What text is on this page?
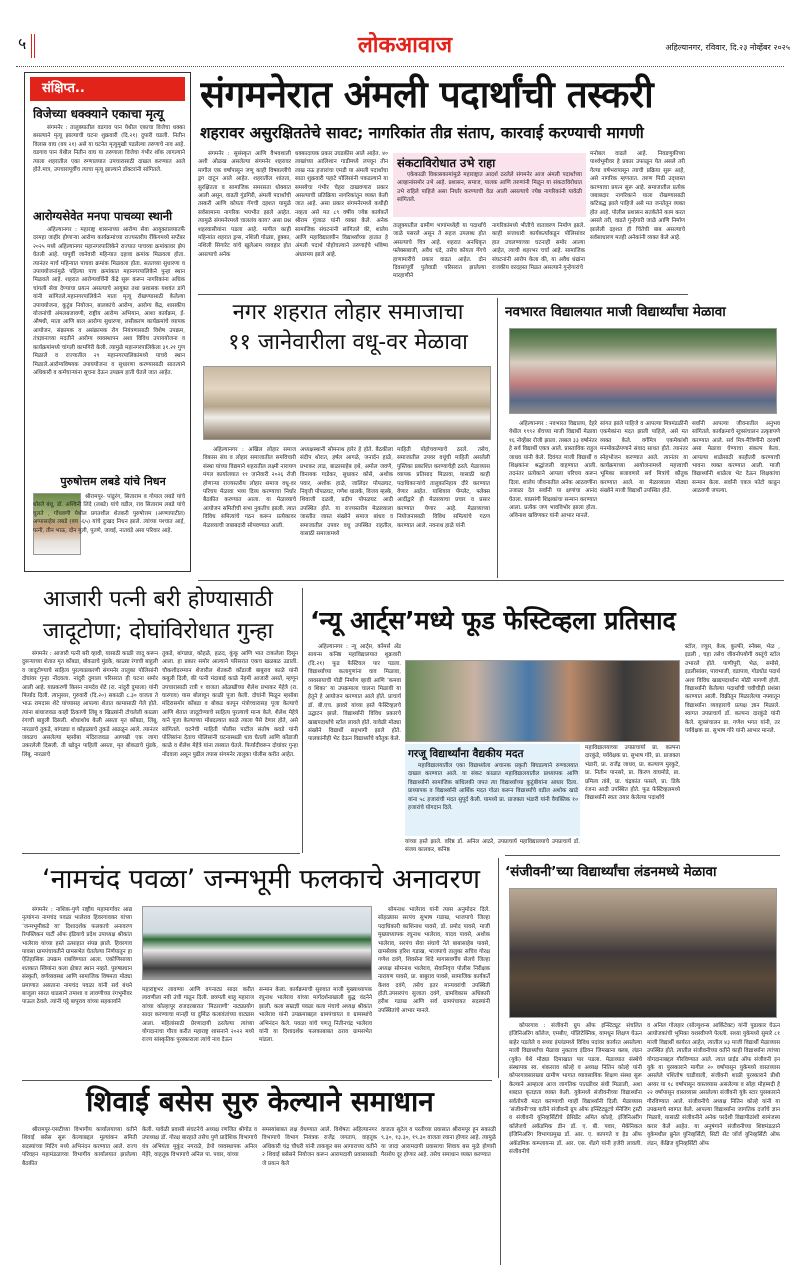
५	लोकआवाज	अहिल्यानगर, रविवार, दि.२३ नोव्हेंबर २०२५
संक्षिप्त..
विजेच्या धक्क्याने एकाचा मृत्यू
संगमनेर : तालुक्यातील वडगाव पान येथील एकाचा विजेचा धक्का बसल्याने मृत्यू झाल्याची घटना शुक्रवारी (दि.२१) दुपारी घडली. नितीन विलास वाघ (वय २१) असे या घटनेत मृत्युमुखी पडलेल्या तरुणाचे नाव आहे. वडगाव पान येथील नितीन वाघ या तरुणाला विजेचा गंभीर शॉक लागल्याने त्याला शहरातील एका रुग्णालयात उपचारासाठी दाखल करण्यात आले होते.मात्र, उपचारापूर्वीच त्याचा मृत्यू झाल्याने डॉक्टरांनी सांगितले.
आरोग्यसेवेत मनपा पाचव्या स्थानी
अहिल्यानगर : महाराष्ट्र शासनाच्या आरोग्य सेवा आयुक्तालयातर्फे दरमहा जाहीर होणाऱ्या आरोग्य कार्यक्रमांच्या राज्यस्तरीय रँकिंगमध्ये सप्टेंबर २०२५ मध्ये अहिल्यानगर महानगरपालिकेने राज्यात पाचव्या क्रमांकावर झेप घेतली आहे. यापूर्वी जानेवारी महिन्यात दहावा क्रमांक मिळवला होता. त्यानंतर मार्च महिन्यात पाचवा क्रमांक मिळवला होता. सततच्या सुधारणा व उपाययोजनांमुळे पहिल्या पाच क्रमांकात महानगरपालिकेने पुन्हा स्थान मिळवले आहे. शहरात आरोग्यवर्धिनी केंद्रे सुरू करून नागरिकांना अधिक चांगली सेवा देण्याचा प्रयत्न असल्याचे आयुक्त तथा प्रशासक यशवंत डांगे यांनी सांगितले.महानगरपालिकेने माता मृत्यू रोखण्यासाठी केलेल्या उपाययोजना, कुटुंब नियोजन, बालकांचे आरोग्य, आरोग्य केंद्र, शासकीय योजनांची अंमलबजावणी, राष्ट्रीय आरोग्य अभियान, आशा कार्यक्रम, ई-औषधी, माता आणि बाल आरोग्य सुधारणा, लसीकरण कार्यक्रमांचे व्यापक आयोजन, संक्रामक व असंक्रामक रोग नियंत्रणासाठी विशेष उपक्रम, तंत्रज्ञानाच्या मदतीने आरोग्य व्यवस्थापन अशा विविध उपाययोजना व कार्यक्रमांमध्ये चांगली कामगिरी केली. त्यामुळे महानगरपालिकेला ३१.२१ गुण मिळाले व राज्यातील २९ महानगरपालिकांमध्ये पाचवे स्थान मिळाले.आरोग्यविषयक उपाययोजना व सुधारणा करण्यासाठी सातत्याने अधिकारी व कर्मचाऱ्यांना सूचना देऊन उपक्रम हाती घेतले जात आहेत.
पुरुषोत्तम लबडे यांचे निधन
श्रीरामपूर- पांडुरंग, सिताराम व गोपाल लबडे यांचे थोरले बंधू, डॉ. अश्विनी लिंदे (लबडे) यांचे वडील, राव सिताराम लबडे यांचे चुलते , गोंधवणी येथील प्रगतशील शेतकरी पुरुषोत्तम (अण्णापाटील) अप्पासाहेब लबडे (वय -६५) यांचे दुःखद निधन झाले. त्यांच्या पश्चात आई, पत्नी, तीन भाऊ, दोन मुली, पुतणे, जावई, नातवंडे असा परिवार आहे.
संगमनेरात अंमली पदार्थांची तस्करी
शहरावर असुरक्षिततेचे सावट; नागरिकांत तीव्र संताप, कारवाई करण्याची मागणी
संगमनेर : सुसंस्कृत आणि वैभवशाली अशी ओळख असलेल्या संगमनेर शहरावर मागील एक वर्षांपासून जणू काही विषवल्लीचे ड्रग दाटून आले आहेत. शहरातील शांतता, सुरक्षितता व सामाजिक समरसता धोक्यात आली असून, वाढती गुंडगिरी, अंमली पदार्थांची तस्करी आणि कोयता गँगची दहशत यामुळे सर्वसामान्य नागरिक भयभीत झाले आहेत. त्यामुळे संगमनेरमध्ये चाललंय काय? असा प्रश्न शहरवासीयांना पडला आहे. मागील काही महिन्यांत शहरात ड्रग्स, नशिली गोळ्या, हुक्का, नशिली सिगारेट यांचे खुलेआम व्यवहार होत असल्याचे अनेक
धक्कादायक प्रकार उघडकीस आले आहेत. ४० लाखांच्या आलिशान गाडीमध्ये लपवून तीन लाख नऊ हजारांचा एमडी या अंमली पदार्थाचा साठा शुक्रवारी पहाटे पोलिसांनी पकडल्याने या समस्येचा गंभीर चेहरा दाखवणारा प्रकार असल्याची प्रतिक्रिया नागरिकांतून व्यक्त केली जात आहे. असा प्रकार संगमनेरमध्ये कधीही नव्हता असे मत ८९ वर्षीय ज्येष्ठ कार्यकर्ते श्रीराम गुंजाळ यांनी व्यक्त केले. अनेक सामाजिक संघटनांनी सांगितले की, शालेय आणि महाविद्यालयीन विद्यार्थ्यांच्या हातात हे अंमली पदार्थ पोहोचल्याने तरुणाईचे भविष्य अंधारमय झाले आहे.
संकटाविरोधात उभे राहा
एकेकाळी विकासकामांमुळे महाराष्ट्रात आदर्श ठरलेले संगमनेर आज अंमली पदार्थांच्या आव्हानांसमोर उभे आहे. प्रशासन, समाज, पालक आणि तरुणांनी मिळून या संकटाविरोधात उभे राहिले पाहिजे असा निर्धार करण्याची वेळ आली असल्याचे ज्येष्ठ नागरिकांनी यावेळी सांगितले.
तालुक्यातील ग्रामीण भागांमध्येही या पदार्थांचे जाळे पसरले असून ते सहज उपलब्ध होत असल्याचे चित्र आहे. शहरात अनधिकृत फ्लेक्सबाजी, अवैध धंदे, तसेच कोयता गँगचे हाणामारीचे प्रकार वाढत आहेत. दोन दिवसांपूर्वी पुलेवाडी परिसरात झालेल्या मारहाणीने
नागरिकांमध्ये भीतीचे वातावरण निर्माण झाले. काही सत्ताधारी कार्यकर्त्यांकडून पोलिसांवर हात उचलण्याच्या घटनाही समोर आल्या आहेत, त्याची शहरभर चर्चा आहे. सामाजिक संघटनांनी आरोप केला की, या अवैध धंद्यांना राजकीय वरदहस्त मिळत असल्याने गुन्हेगारांचे
मनोबल वाढले आहे. निवडणुकीच्या पार्श्वभूमीवर हे प्रकार उफाळून येत असले तरी गेल्या वर्षभरापासून त्याची प्रक्रिया सुरू आहे, असे नागरिक म्हणतात. तरुण पिढी उद्ध्वस्त करण्याचा प्रयत्न सुरू आहे. समाजातील प्रत्येक जबाबदार नागरिकाने याला रोखण्यासाठी कटिबद्ध झाले पाहिजे असे मत जनतेतून व्यक्त होत आहे. पोलीस प्रशासन सतर्कतेने काम करत असले तरी, वाढते गुन्हेगारी जाळे आणि निर्माण झालेली दहशत ही चिंतेची बाब असल्याचे सर्वसाधारण मतही अनेकांनी व्यक्त केले आहे.
नगर शहरात लोहार समाजाचा
११ जानेवारीला वधू-वर मेळावा
अहिल्यानगर : अखिल लोहार समाज विकास संघ व लोहार समाजातील समविचारी संस्था यांच्या विद्यमाने शहरातील लक्ष्मी नारायण मंगल कार्यालयात ११ जानेवारी २०२६ रोजी होणाऱ्या राज्यस्तरीय लोहार समाज वधू-वर परिचय मेळावा भव्य दिव्य करण्याचा निर्धार बैठकीत करण्यात आला. या मेळाव्याचे आयोजन समितीची सभा नुकतीच झाली. त्यात विविध समित्यांचे गठन करून प्रत्येकावर मेळाव्याची जबाबदारी सोपवण्यात आली.
अध्यक्षस्थानी सोमनाथ हारेर हे होते. बैठकीला संदीप थोरात, हर्षल आगळे, जनार्दन हाळे, प्रभाकर लाड, बाळासाहेब इथे, अमोल जवणे, विनायक गाडेकर, सुधाकर कोसे, अशोक पवार, अशोक हाळे, जालिंदर पोपळघट, निवृत्ती पोपळघट, गणेश धालके, विजय म्हस्के, शिवाजी दळवी, प्रदीप पोपळघट आदी उपस्थित होते. या राज्यस्तरीय मेळाव्याला जास्तीत जास्त संख्येने समाज बांधव व समाजातील उपवर वधू उपस्थित राहतील, यासाठी समाजामध्ये
माहिती पोहोचवण्याचे ठरले. तसेच, समाजातील उपवर वधूंची माहिती असलेली पुस्तिका प्रकाशित करण्याचेही ठरले. मेळाव्यास व्यापक प्रतिसाद मिळावा, यासाठी काही पदाधिकाऱ्यांचे तालुकानिहाय दौरे करण्यात येणार आहेत. याशिवाय पॅम्प्लेट, फ्लेक्स आदींद्वारे ही मेळाव्याचा प्रचार व प्रसार करण्यात येणार आहे. मेळाव्याच्या नियोजनासाठी विविध समित्यांचे गठण करण्यात आले. नवनाथ हाळे यांनी
नवभारत विद्यालयात माजी विद्यार्थ्यांचा मेळावा
अहिल्यानगर : नवभारत विद्यालय, देहरे येथील १९९२ बॅचच्या माजी विद्यार्थी मेळावा १६ नोव्हेंबर रोजी झाला. तब्बल ३३ वर्षानंतर हे सर्व विद्यार्थी एकत्र आले. प्रास्ताविक राहुल जाधव यांनी केले. दिवंगत माजी विद्यार्थी व शिक्षकांना श्रद्धांजली वाहण्यात आली. तदनंतर प्रत्येकाने आपला परिचय करून दिला. शालेय जीवनातील अनेक आठवणींना उजाळा देत सर्वांनी या क्षणांचा आनंद घेतला. याप्रसंगी शिक्षकांचा सन्मान करण्यात आला. प्रत्येक जण भावविभोर झाला होता. अविनाश खविणकर यांनी आभार मानले.
सांगत झाले पाहिजे व आपल्या मित्रमंडळींनी एकमेकांना मदत झाली पाहिजे, असे मत व्यक्त केले. वर्गमित्र एकमेकांशी मनमोकळेपणाने संवाद साधत होते. त्यानंतर स्नेहभोजन करण्यात आले. त्यानंतर या कार्यक्रमाच्या आयोजनामध्ये महत्त्वाची भूमिका बजावणारे सर्व मित्रांचे कौतुक करण्यात आले. या मेळाव्याला मोठ्या संख्येने माजी विद्यार्थी उपस्थित होते.
सर्वांनी आपल्या जीवनातील अनुभव सांगितले. कार्यक्रमाचे सूत्रसंचालन उत्कृष्टपणे करण्यात आले. सर्व मित्र-मैत्रिणींनी दरवर्षी असा मेळावा घेण्याचा संकल्प केला. आपल्या शाळेसाठी काहीतरी करण्याची भावना व्यक्त करण्यात आली. माजी विद्यार्थ्यांनी शाळेला भेट देऊन शिक्षकांचा सन्मान केला. सर्वांनी एकत्र फोटो काढून आठवणी जपल्या.
आजारी पत्नी बरी होण्यासाठी
जादूटोणा; दोघांविरोधात गुन्हा
संगमनेर : आजारी पत्नी बरी व्हावी, यासाठी काळी जादू करून दुसऱ्याच्या शेतात मृत कोंबडा, बोकडाचे मुंडके, काळ्या रंगाची बाहुली व जादूटोण्याचे साहित्य पुरल्याप्रकरणी संगमनेर तालुका पोलिसांनी दोघांवर गुन्हा नोंदवला. नांदुरी दुमाला परिसरात ही घटना समोर आली आहे. याप्रकरणी किसन नामदेव शेटे (रा. नांदुरी दुमाला) यांनी फिर्याद दिली. त्यानुसार, गुरुवारी (दि.२०) सकाळी ८.३० वाजता ते भाऊ रामदास शेटे यांच्यासह आपल्या शेतात कामासाठी गेले होते. त्यांना बांधाजवळ काही ठिकाणी लिंबू व खिळ्यांनी टोचलेली काळ्या रंगाची बाहुली दिसली. शोधाशोध केली असता मृत कोंबडा, लिंबू, नारळाचे तुकडे, बांगड्या व कोहळ्याचे तुकडे आढळून आले. त्यानंतर जवळच असलेल्या म्हसोबा मंदिराजवळ आणखी एक जागा उकरलेली दिसली. ती खोदून पाहिली असता, मृत बोकडाचे मुंडके, लिंबू, नारळाचे
तुकडे, बांगड्या, कोहळे, हळद, कुंकू आणि भात टाकलेला दिसून आला. हा प्रकार समोर आल्याने परिसरात एकच खळबळ उडाली. चौकशीदरम्यान शेजारील शेतकरी कोंडाजी बाबुराव काळे यांनी कबुली दिली, की पत्नी मंदाबाई काळे नेहमी आजारी असते, म्हणून उपचारासाठी रात्री १ वाजता ओळखीच्या शैलेश प्रभाकर मेहेत्रे (रा. घारगाव) यास बोलावून काळी पूजा केली. दोघांनी मिळून म्हसोबा मंदिरासमोर कोंबडा व बोकड कापून मंत्रोच्चारासह पूजा केल्याचे आणि शेतात जादूटोण्याचे साहित्य पुरल्याचे मान्य केले. शैलेश मेहेत्रे याने पूजा केल्याच्या मोबदल्यात काळे त्याला पैसे देणार होते, असे सांगितले. घटनेची माहिती पोलीस पाटील संतोष कवडे यांनी पोलिसांना देताच पोलिसांनी घटनास्थळी धाव घेतली आणि कोंडाजी काळे व शैलेश मेहेत्रे यांना ताब्यात घेतले. फिर्यादीवरून दोघांवर गुन्हा नोंदवला असून पुढील तपास संगमनेर तालुका पोलीस करीत आहेत.
‘न्यू आर्ट्स’मध्ये फूड फेस्टिव्हला प्रतिसाद
अहिल्यानगर : न्यू आर्ट्स, कॉमर्स अँड सायन्स कनिष्ठ महाविद्यालयात शुक्रवारी (दि.२१) फूड फेस्टिवल पार पडला. विद्यार्थ्यांच्या कलागुणांना वाव मिळावा, व्यवसायाची गोडी निर्माण व्हावी आणि ‘कमवा व शिका’ या उपक्रमाला चालना मिळावी या हेतूने हे आयोजन करण्यात आले होते. प्राचार्य डॉ. बी.एच. झावरे यांच्या हस्ते फेस्टिव्हलचे उद्घाटन झाले. विद्यार्थ्यांनी विविध प्रकारचे खाद्यपदार्थांचे स्टॉल लावले होते. यावेळी मोठ्या संख्येने विद्यार्थी सहभागी झाले होते. पालकांनीही भेट देऊन विद्यार्थ्यांचे कौतुक केले.
गरजू विद्यार्थ्यांना वैद्यकीय मदत
महाविद्यालयातील एका विद्यार्थ्याला अचानक प्रकृती बिघडल्याने रुग्णालयात दाखल करण्यात आले. या संकट काळात महाविद्यालयातील प्राध्यापक आणि विद्यार्थ्यांनी सामाजिक बांधिलकी जपत त्या विद्यार्थ्याच्या कुटुंबीयांना आधार दिला. प्राध्यापक व विद्यार्थ्यांनी आर्थिक मदत गोळा करून विद्यार्थ्यांचे वडील अशोक खाडे यांना ५८ हजारांची मदत सुपूर्द केली. यामध्ये प्रा. प्राजक्ता भंडारी यांनी वैयक्तिक १० हजारांचे योगदान दिले.
यांच्या हस्ते झाले. वरिष्ठ डॉ. अनिल आठरे, उपप्राचार्य महाविद्यालयाचे उपप्राचार्य डॉ. संजय कालकर, कनिष्ठ
महाविद्यालयाच्या उपप्राचार्या प्रा. कल्पना दारकुंडे, पर्यवेक्षक प्रा. सुभाष गोरे, प्रा. प्राजक्ता भंडारी, प्रा. राजेंद्र जाधव, प्रा. कल्याण मुरकुटे, प्रा. नितीन पानसरे, प्रा. किरण वाघमोडे, प्रा. प्रमिला तांबे, प्रा. चंद्रकांत फसले, प्रा. डिके रंजना आदी उपस्थित होते. फूड फेस्टिव्हलमध्ये विद्यार्थ्यांनी स्वतः तयार केलेल्या पदार्थांचे
स्टॉल, ज्यूस, केक, कुल्फी, स्नॅक्स, भेळ , इडली , चहा तसेच जीवनोपयोगी वस्तूंचे स्टॉल उभारले होते. पाणीपुरी, भेळ, समोसे, इडलीसांबर, पावभाजी, वडापाव, गोडधोड पदार्थ अशा विविध खाद्यपदार्थांना मोठी मागणी होती. विद्यार्थ्यांनी केलेल्या पदार्थांची चवीचीही प्रशंसा करण्यात आली. विक्रीतून मिळालेल्या नफ्यातून विद्यार्थ्यांना व्यवहाराचे प्रत्यक्ष ज्ञान मिळाले. स्वागत उपप्राचार्य डॉ. कल्पना दारकुंडे यांनी केले. सूत्रसंचालन प्रा. गणेश भगत यांनी, तर पर्यवेक्षक प्रा. सुभाष गोरे यांनी आभार मानले.
‘नामचंद पवळा’ जन्मभूमी फलकाचे अनावरण
संगमनेर : नाशिक-पुणे राष्ट्रीय महामार्गावर आद्य नृत्यांगना नामचंद पवळा भालेराव हिवरगावकर यांच्या ‘जन्मभूमीकडे या’ दिशादर्शक फलकाचे अनावरण रिपब्लिकन पार्टी ऑफ इंडियाचे प्रदेश उपाध्यक्ष श्रीकांत भालेराव यांच्या हस्ते उत्साहात संपन्न झाले. हिवरगाव पावसा ग्रामपंचायतीने ग्रामसभेत घेतलेल्या निर्णयातून हा ऐतिहासिक उपक्रम राबविण्यात आला. एकोणिसाव्या शतकात स्त्रियांना कला क्षेत्रात स्थान नव्हते. पुरुषप्रधान संस्कृती, वर्णव्यवस्था आणि सामाजिक विषमता मोठ्या प्रमाणात असताना नामचंद पवळा यांनी सर्व बंधने बाजूला सारत धाडसाने तमाशा व लावणीच्या रंगभूमीवर पाऊल ठेवले. त्यांनी पट्ठे बापूराव यांच्या सहकार्याने
महाराष्ट्रभर लावण्या आणि वगनाट्य सादर करीत लावणीला नवी उंची गाठून दिली. छत्रपती शाहू महाराज यांच्या कोल्हापूर राजदरबारात ‘मिठाराणी’ नाट्यप्रयोग सादर करण्याचा मानही या दुर्मिळ कलावंतांच्या वाट्यास आला. महिलांसाठी प्रेरणादायी ठरलेल्या त्यांच्या योगदानाचा गौरव करीत महाराष्ट्र शासनाने २०२२ मध्ये राज्य सांस्कृतिक पुरस्काराला त्यांचे नाव देऊन
सन्मान केला. कार्यक्रमाची सुरुवात माजी मुख्याध्यापक रघुनाथ भालेराव यांच्या मार्गदर्शनाखाली बुद्ध वंदनेने झाली. कला सम्राज्ञी पवळा कला मंचाचे अध्यक्ष श्रीकांत भालेराव यांनी उपक्रमाबद्दल ग्रामपंचायत व ग्रामस्थांचे अभिनंदन केले. पवळा यांचे पणतू नितीनचंद्र भालेराव यांनी या दिशादर्शक फलकाबाबत ठराव ग्रामसभेत मांडला.
सोमनाथ भालेराव यांनी त्यास अनुमोदन दिले. सोहळ्यास सरपंच सुभाष गडाख, भाजपाचे जिल्हा पदाधिकारी काशिनाथ पावसे, डॉ. प्रमोद पावसे, माजी मुख्याध्यापक रघुनाथ भालेराव, यादव पावसे, अशोक भालेराव, सरपंच सेवा संघाचे नेते बाबासाहेब पावसे, ग्रामसेवक हरिश गडाख, भाजपाचे तालुका सचिव गोरक्ष गणेश दवंगे, शिवसेना शिंदे मागासवर्गीय सेलचे जिल्हा अध्यक्ष सोमनाथ भालेराव, सेवानिवृत्त पोलीस निरीक्षक नारायण पावसे, प्रा. बाबुराव पावसे, सामाजिक कार्यकर्ते केशव दवंगे, तसेच इतर मान्यवरांची उपस्थिती होती.उपसरपंच सुजाता दवंगे, ग्रामविकास अधिकारी हरीश गडाख आणि सर्व ग्रामपंचायत सदस्यांनी उपस्थितांचे आभार मानले.
‘संजीवनी’च्या विद्यार्थ्यांचा लंडनमध्ये मेळावा
कोपरगाव : संजीवनी ग्रुप ऑफ इन्स्टिट्यूट संचलित इंजिनिअरिंग कॉलेज, एमबीए, पॉलिटेक्निक, यामधून शिक्षण घेऊन बाहेर पडलेले व सध्या इंग्लंडमध्ये विविध पदांवर कार्यरत असलेल्या माजी विद्यार्थ्यांचा मेळावा नुकताच इंडियन जिमखाना क्लब, लंडन (युके) येथे मोठ्या दिमाखात पार पडला. मेळाव्यात संस्थेचे संस्थापक स्व. शंकरराव कोल्हे व अध्यक्ष नितिन कोल्हे यांनी कोपरगावसारख्या ग्रामीण भागात व्यावसायिक शिक्षण संस्था सुरू केल्याने आम्हाला आज जागतिक पातळीवर संधी मिळाली, अशा शब्दात कृतज्ञता व्यक्त केली. युकेमध्ये संजीवनीच्या विद्यार्थ्यांना सर्वतोपरी मदत करण्याची ग्वाही विद्यार्थ्यांनी दिली. मेळाव्यास ‘संजीवनी’च्या वतीने संजीवनी ग्रुप ऑफ इन्स्टिट्यूटचे मॅनेजिंग ट्रस्टी व संजीवनी युनिव्हर्सिटीचे प्रेसिडेंट अमित कोल्हे, इंजिनिअरींग कॉलेजचे अकॅडमिक डीन डॉ. ए. बी. पवार, मेकॅनिकल इंजिनिअरिंग विभागप्रमुख डॉ. आर. ए. कापगते व हेड ऑफ अकॅडमिक कम्प्लायन्स डॉ. आर. एस. शेंडगे यांनी हजेरी लावली. संजीवनीचे
व अनिल गोलहार (सोल्युशन्स आर्किटेक्ट) यांनी पुढाकार घेऊन आयोजकांची भूमिका यशस्वीपणे पेलली. सध्या युकेमध्ये सुमारे ८१ माजी विद्यार्थी कार्यरत आहेत, त्यातील ४३ माजी विद्यार्थी मेळाव्यास उपस्थित होते. त्यातील संजीवनीच्या वतीने काही विद्यार्थ्यांना त्यांच्या योगदानाबद्दल गौरविण्यात आले. त्यात प्राईड ऑफ संजीवनी इन युके या पुरस्काराने मागील २० वर्षांपासून युकेमध्ये वास्तव्यास असलेले पशितोष घाडीवाली, संजीवनी शाळी पुरस्काराने प्रीथी अय्यर या १८ वर्षांपासून वास्तव्यास असलेल्या व सोहा मोहम्मदी हे २२ वर्षांपासून वास्तव्यास असलेल्या संजीवनी युके स्टार पुरस्काराने गौरविण्यात आले. संजीवनीचे अध्यक्ष नितिन कोल्हे यांनी या उपक्रमाचे स्वागत केले. आपल्या विद्यार्थ्यांना जागतिक दर्जाचे ज्ञान मिळावे, यासाठी संजीवनीने अनेक परदेशी विद्यापीठांशी सामंजस्य करार केले आहेत. या अनुषंगाने संजीवनीच्या शिष्टमंडळाने युकेमधील ब्रुनेल युनिव्हर्सिटी, सिटी सेंट जॉर्ज युनिव्हर्सिटी ऑफ लंडन, केंब्रिज युनिव्हर्सिटी ऑफ
शिवाई बसेस सुरु केल्याने समाधान
श्रीरामपूर-एसटीच्या विभागीय कार्यालयाच्या वतीने शिवाई बसेस सुरू केल्याबद्दल मूल्यांकन समिती सदस्यांच्या मिटिंग मध्ये अभिनंदन करण्यात आले. राज्य परिवहन महामंडळाच्या विभागीय कार्यालयात झालेल्या बैठकीत
केली. यावेळी प्रवासी संघटनेचे अध्यक्ष रणजित श्रीगोड व उपाध्यक्ष डॉ. गोरक्ष बारहाते तसेच पुणे प्रादेशिक विभागाचे यंत्र अभियंता मुकुंद नगराळे, डेपो व्यवस्थापक अनिल मेहेरे, वाहतूक विभागाचे अनिल पा. पवार, यांच्या
समस्यांबाबत लक्ष वेधण्यात आले. विशेषतः अहिल्यानगर विभागाचे विभाग नियंत्रक राजेंद्र जगताप, वाहतूक अधिकारी चंद्र चौधरी यांनी ताककूर बस आगाराच्या वतीने २ शिवाई बसेसने नियोजन करून आरामदायी प्रवासासाठी जे प्रयत्न केले
वाजता सुटेल व परतीच्या प्रवासात श्रीरामपूर हून सकाळी ९.३०, १३.३०, १९.३० वाजता रवाना होणार आहे. त्यामुळे या जादा आरामदायी प्रवासाचा शिवाय बस मुळे होणारी गैरसोय दूर होणार आहे. तसेच समाधान व्यक्त करण्यात
